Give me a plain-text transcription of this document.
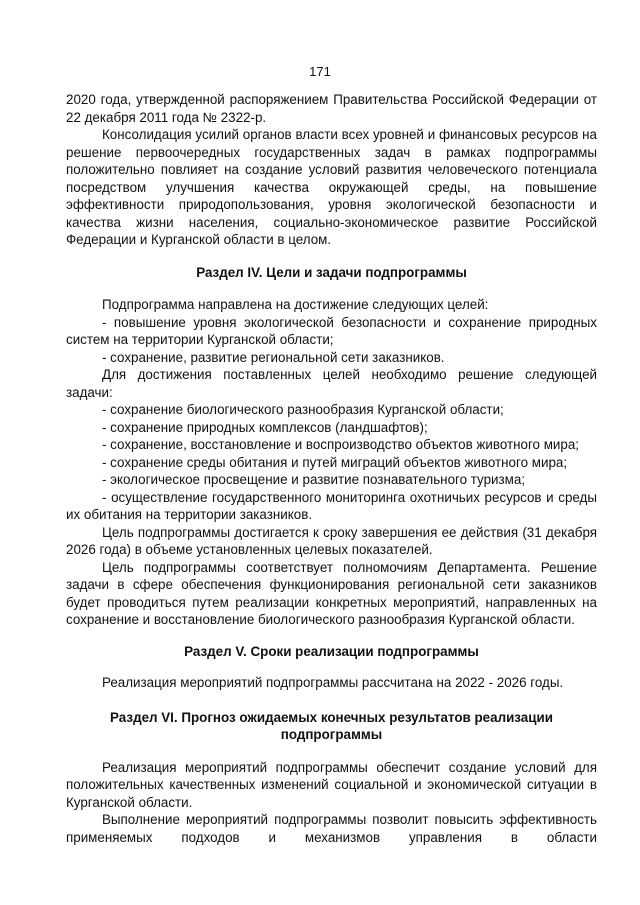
171

2020 года, утвержденной распоряжением Правительства Российской Федерации от 22 декабря 2011 года № 2322-р.

Консолидация усилий органов власти всех уровней и финансовых ресурсов на решение первоочередных государственных задач в рамках подпрограммы положительно повлияет на создание условий развития человеческого потенциала посредством улучшения качества окружающей среды, на повышение эффективности природопользования, уровня экологической безопасности и качества жизни населения, социально-экономическое развитие Российской Федерации и Курганской области в целом.

Раздел IV. Цели и задачи подпрограммы

Подпрограмма направлена на достижение следующих целей:

- повышение уровня экологической безопасности и сохранение природных систем на территории Курганской области;

- сохранение, развитие региональной сети заказников.

Для достижения поставленных целей необходимо решение следующей задачи:

- сохранение биологического разнообразия Курганской области;

- сохранение природных комплексов (ландшафтов);

- сохранение, восстановление и воспроизводство объектов животного мира;

- сохранение среды обитания и путей миграций объектов животного мира;

- экологическое просвещение и развитие познавательного туризма;

- осуществление государственного мониторинга охотничьих ресурсов и среды их обитания на территории заказников.

Цель подпрограммы достигается к сроку завершения ее действия (31 декабря 2026 года) в объеме установленных целевых показателей.

Цель подпрограммы соответствует полномочиям Департамента. Решение задачи в сфере обеспечения функционирования региональной сети заказников будет проводиться путем реализации конкретных мероприятий, направленных на сохранение и восстановление биологического разнообразия Курганской области.

Раздел V. Сроки реализации подпрограммы

Реализация мероприятий подпрограммы рассчитана на 2022 - 2026 годы.

Раздел VI. Прогноз ожидаемых конечных результатов реализации
подпрограммы

Реализация мероприятий подпрограммы обеспечит создание условий для положительных качественных изменений социальной и экономической ситуации в Курганской области.

Выполнение мероприятий подпрограммы позволит повысить эффективность применяемых подходов и механизмов управления в области
